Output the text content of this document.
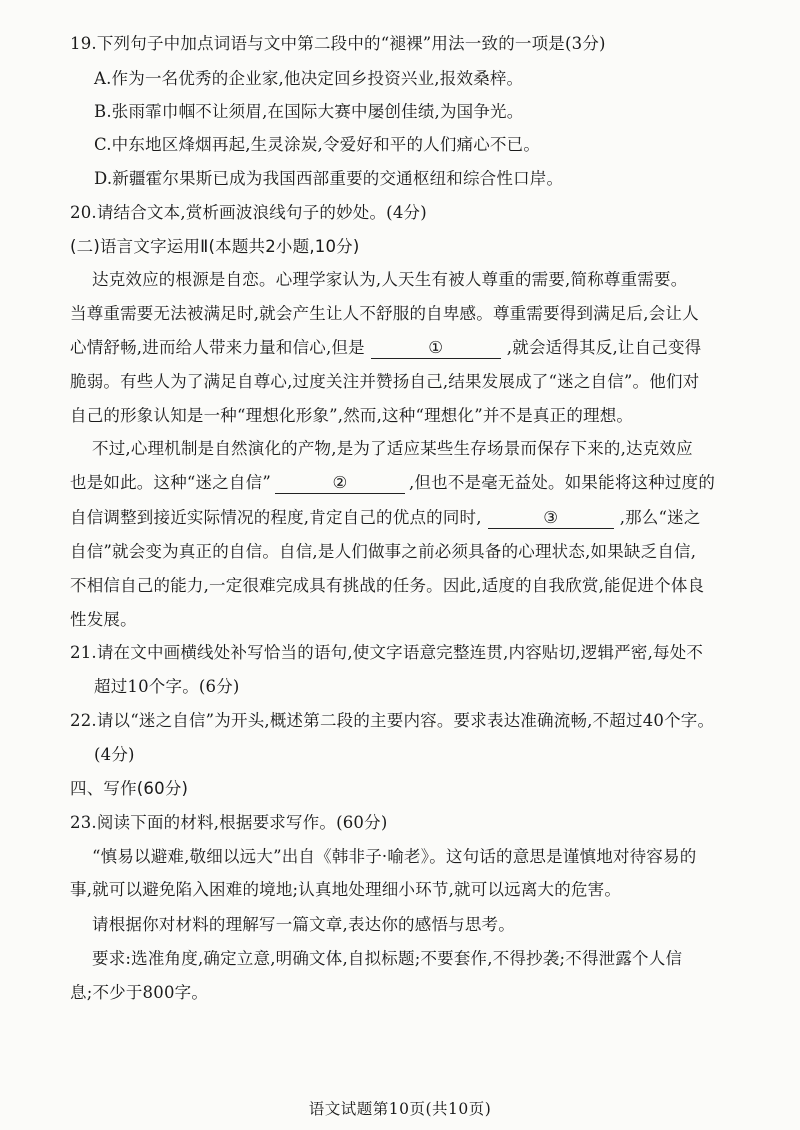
19.下列句子中加点词语与文中第二段中的“褪裸”用法一致的一项是(3分)
A.作为一名优秀的企业家,他决定回乡投资兴业,报效桑梓。
B.张雨霏巾帼不让须眉,在国际大赛中屡创佳绩,为国争光。
C.中东地区烽烟再起,生灵涂炭,令爱好和平的人们痛心不已。
D.新疆霍尔果斯已成为我国西部重要的交通枢纽和综合性口岸。
20.请结合文本,赏析画波浪线句子的妙处。(4分)
(二)语言文字运用Ⅱ(本题共2小题,10分)
达克效应的根源是自恋。心理学家认为,人天生有被人尊重的需要,简称尊重需要。
当尊重需要无法被满足时,就会产生让人不舒服的自卑感。尊重需要得到满足后,会让人
心情舒畅,进而给人带来力量和信心,但是	①	,就会适得其反,让自己变得
脆弱。有些人为了满足自尊心,过度关注并赞扬自己,结果发展成了“迷之自信”。他们对
自己的形象认知是一种“理想化形象”,然而,这种“理想化”并不是真正的理想。
不过,心理机制是自然演化的产物,是为了适应某些生存场景而保存下来的,达克效应
也是如此。这种“迷之自信”	②	,但也不是毫无益处。如果能将这种过度的
自信调整到接近实际情况的程度,肯定自己的优点的同时,	③	,那么“迷之
自信”就会变为真正的自信。自信,是人们做事之前必须具备的心理状态,如果缺乏自信,
不相信自己的能力,一定很难完成具有挑战的任务。因此,适度的自我欣赏,能促进个体良
性发展。
21.请在文中画横线处补写恰当的语句,使文字语意完整连贯,内容贴切,逻辑严密,每处不
超过10个字。(6分)
22.请以“迷之自信”为开头,概述第二段的主要内容。要求表达准确流畅,不超过40个字。
(4分)
四、写作(60分)
23.阅读下面的材料,根据要求写作。(60分)
“慎易以避难,敬细以远大”出自《韩非子·喻老》。这句话的意思是谨慎地对待容易的
事,就可以避免陷入困难的境地;认真地处理细小环节,就可以远离大的危害。
请根据你对材料的理解写一篇文章,表达你的感悟与思考。
要求:选准角度,确定立意,明确文体,自拟标题;不要套作,不得抄袭;不得泄露个人信
息;不少于800字。
语文试题第10页(共10页)
